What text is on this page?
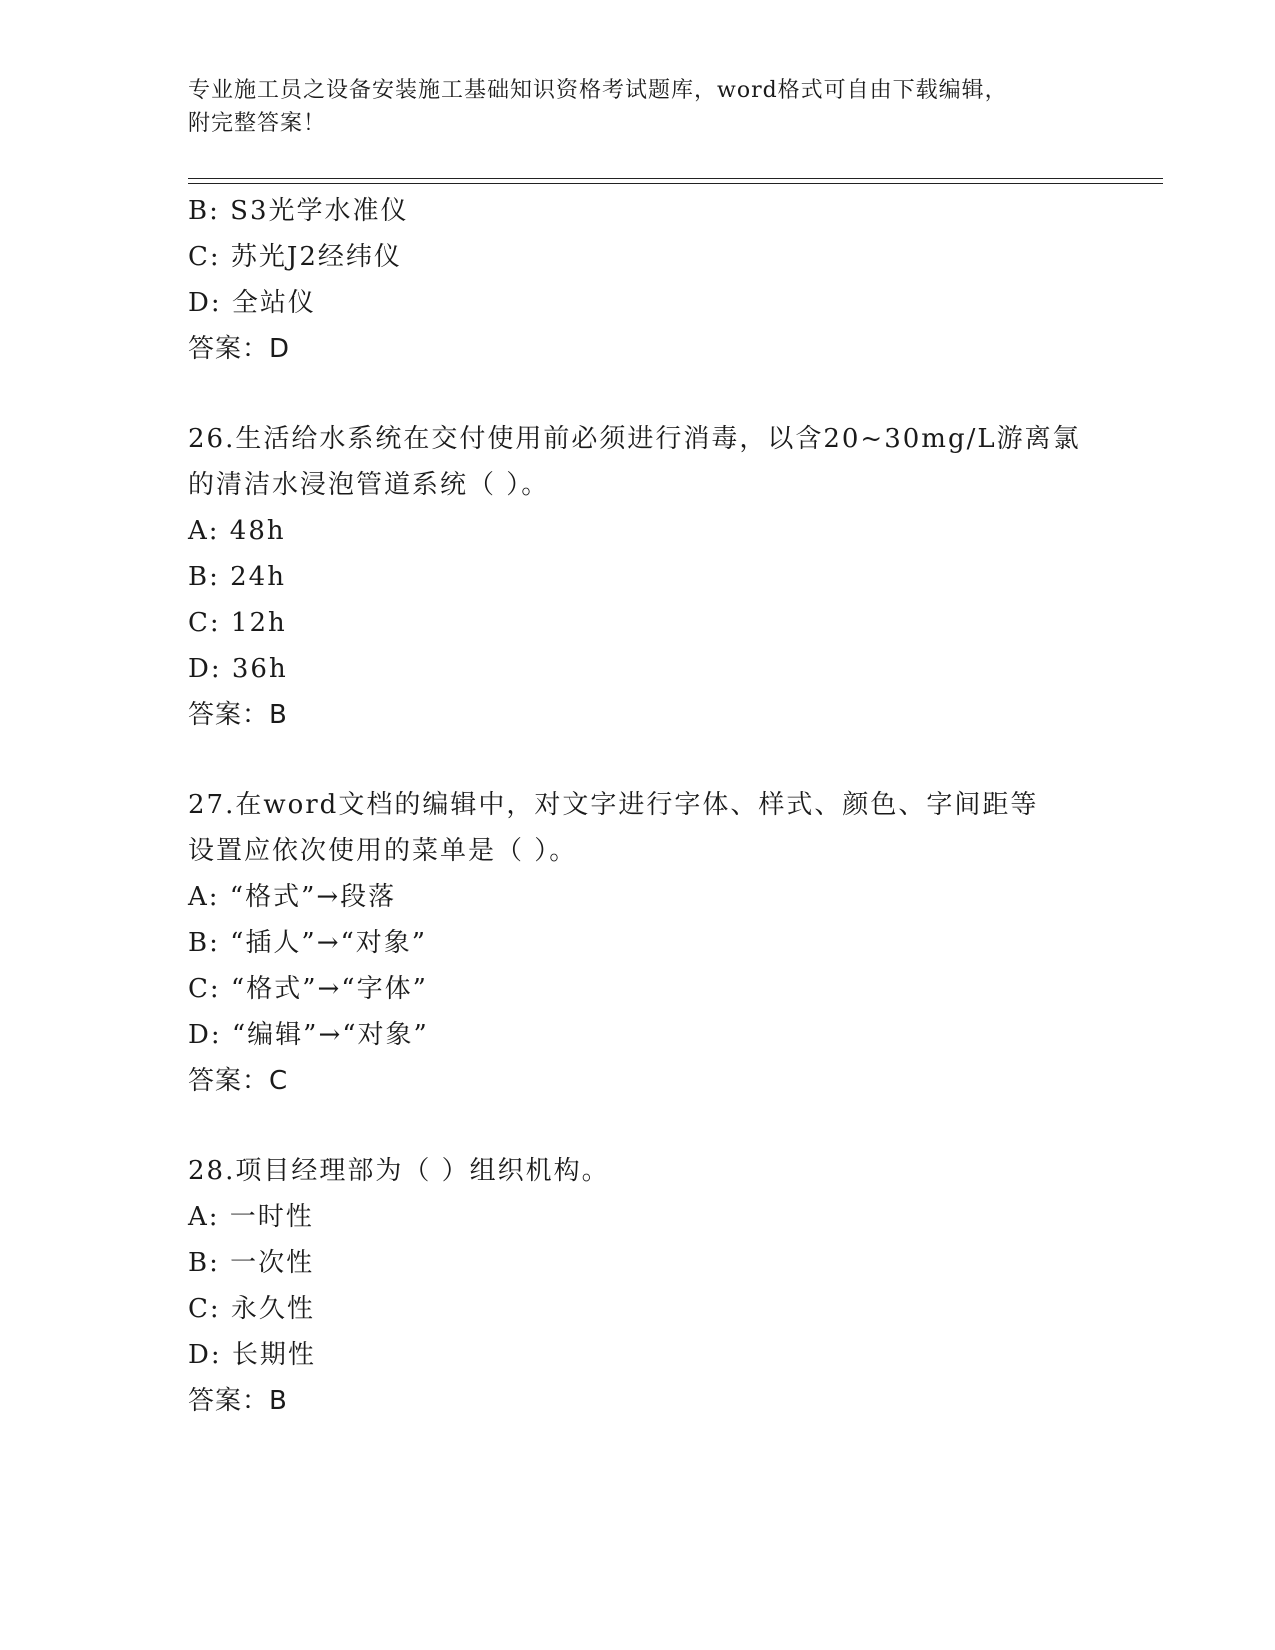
专业施工员之设备安装施工基础知识资格考试题库，word格式可自由下载编辑，
附完整答案！
B: S3光学水准仪
C: 苏光J2经纬仪
D: 全站仪
答案：D
26.生活给水系统在交付使用前必须进行消毒，以含20~30mg/L游离氯
的清洁水浸泡管道系统（ ）。
A: 48h
B: 24h
C: 12h
D: 36h
答案：B
27.在word文档的编辑中，对文字进行字体、样式、颜色、字间距等
设置应依次使用的菜单是（ ）。
A: “格式”→段落
B: “插人”→“对象”
C: “格式”→“字体”
D: “编辑”→“对象”
答案：C
28.项目经理部为（ ）组织机构。
A: 一时性
B: 一次性
C: 永久性
D: 长期性
答案：B
